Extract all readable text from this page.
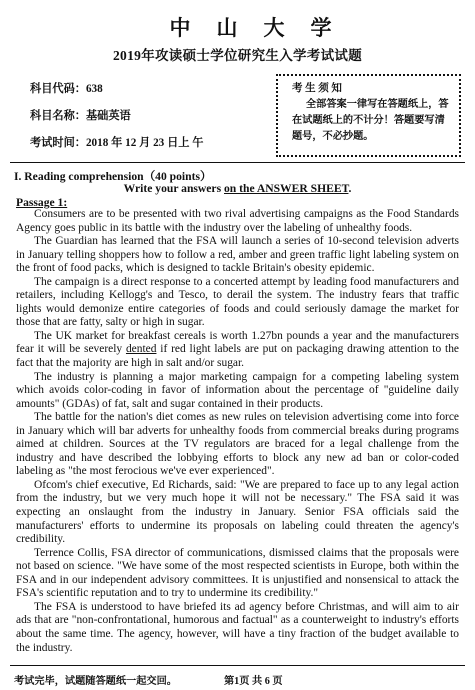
中山大学
2019年攻读硕士学位研究生入学考试试题
科目代码：638
科目名称：基础英语
考试时间：2018 年 12 月 23 日上 午
考 生 须 知

全部答案一律写在答题纸上，答在试题纸上的不计分！答题要写清题号，不必抄题。

I. Reading comprehension（40 points）
Write your answers on the ANSWER SHEET.
Passage 1:

Consumers are to be presented with two rival advertising campaigns as the Food Standards Agency goes public in its battle with the industry over the labeling of unhealthy foods.

The Guardian has learned that the FSA will launch a series of 10-second television adverts in January telling shoppers how to follow a red, amber and green traffic light labeling system on the front of food packs, which is designed to tackle Britain's obesity epidemic.

The campaign is a direct response to a concerted attempt by leading food manufacturers and retailers, including Kellogg's and Tesco, to derail the system. The industry fears that traffic lights would demonize entire categories of foods and could seriously damage the market for those that are fatty, salty or high in sugar.

The UK market for breakfast cereals is worth 1.27bn pounds a year and the manufacturers fear it will be severely dented if red light labels are put on packaging drawing attention to the fact that the majority are high in salt and/or sugar.

The industry is planning a major marketing campaign for a competing labeling system which avoids color-coding in favor of information about the percentage of "guideline daily amounts" (GDAs) of fat, salt and sugar contained in their products.

The battle for the nation's diet comes as new rules on television advertising come into force in January which will bar adverts for unhealthy foods from commercial breaks during programs aimed at children. Sources at the TV regulators are braced for a legal challenge from the industry and have described the lobbying efforts to block any new ad ban or color-coded labeling as "the most ferocious we've ever experienced".

Ofcom's chief executive, Ed Richards, said: "We are prepared to face up to any legal action from the industry, but we very much hope it will not be necessary." The FSA said it was expecting an onslaught from the industry in January. Senior FSA officials said the manufacturers' efforts to undermine its proposals on labeling could threaten the agency's credibility.

Terrence Collis, FSA director of communications, dismissed claims that the proposals were not based on science. "We have some of the most respected scientists in Europe, both within the FSA and in our independent advisory committees. It is unjustified and nonsensical to attack the FSA's scientific reputation and to try to undermine its credibility."

The FSA is understood to have briefed its ad agency before Christmas, and will aim to air ads that are "non-confrontational, humorous and factual" as a counterweight to industry's efforts about the same time. The agency, however, will have a tiny fraction of the budget available to the industry.

考试完毕，试题随答题纸一起交回。	第1页 共 6 页
